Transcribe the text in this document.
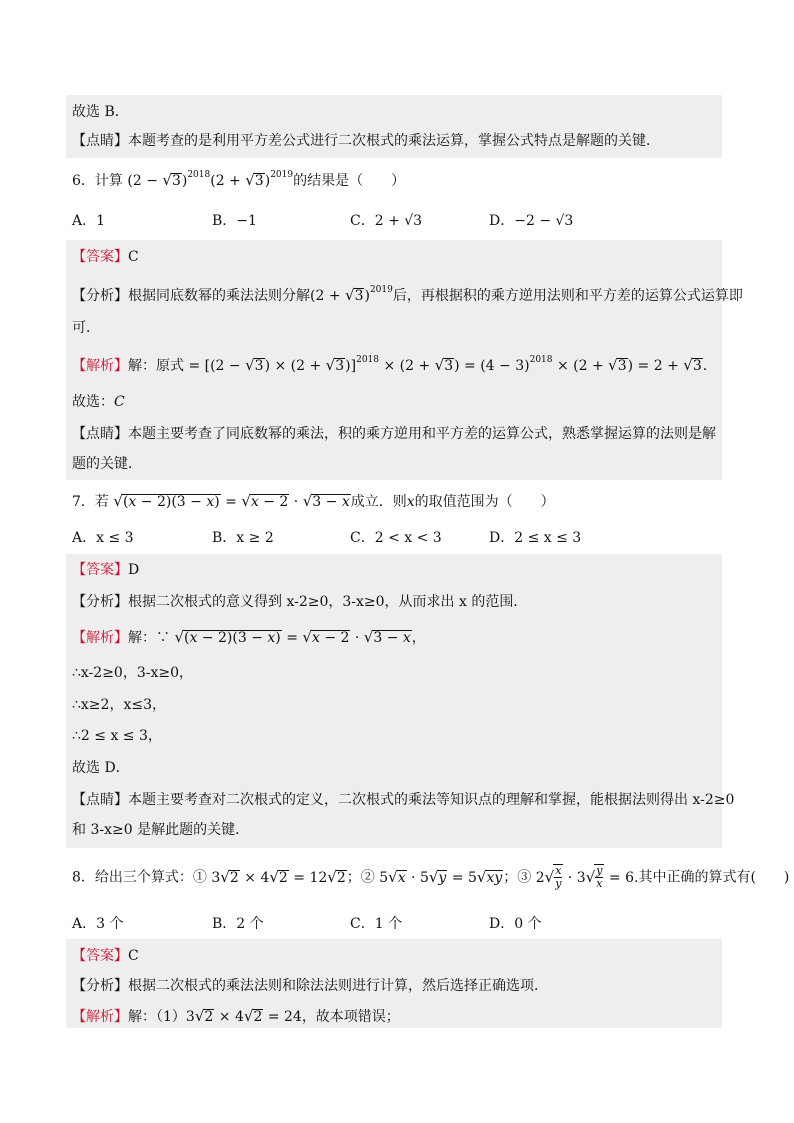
故选 B．
【点睛】本题考查的是利用平方差公式进行二次根式的乘法运算，掌握公式特点是解题的关键．
6．计算 $(2 - √3)^{2018}(2 + √3)^{2019}$的结果是（　　）
A．1	B．−1	C．2 + √3	D．−2 − √3
【答案】C
【分析】根据同底数幂的乘法法则分解$(2 + √3)^{2019}$后，再根据积的乘方逆用法则和平方差的运算公式运算即
可．
【解析】解：原式 = $[(2 - √3) \times (2 + √3)]^{2018} \times (2 + √3) = (4 - 3)^{2018} \times (2 + √3) = 2 + √3$．
故选：C
【点睛】本题主要考查了同底数幂的乘法，积的乘方逆用和平方差的运算公式，熟悉掌握运算的法则是解
题的关键．
7．若 √(x − 2)(3 − x) = √x − 2 · √3 − x成立．则x的取值范围为（　　）
A．x ≤ 3	B．x ≥ 2	C．2 < x < 3	D．2 ≤ x ≤ 3
【答案】D
【分析】根据二次根式的意义得到 x-2≥0，3-x≥0，从而求出 x 的范围．
【解析】解：∵ √(x − 2)(3 − x) = √x − 2 · √3 − x，
∴x-2≥0，3-x≥0，
∴x≥2，x≤3，
∴2 ≤ x ≤ 3，
故选 D．
【点睛】本题主要考查对二次根式的定义，二次根式的乘法等知识点的理解和掌握，能根据法则得出 x-2≥0
和 3-x≥0 是解此题的关键．
8．给出三个算式：① 3√2 × 4√2 = 12√2；② 5√x · 5√y = 5√xy；③ $2√ \frac{x}{y} \cdot 3√ \frac{y}{x} = 6$.其中正确的算式有(　　)
A．3 个	B．2 个	C．1 个	D．0 个
【答案】C
【分析】根据二次根式的乘法法则和除法法则进行计算，然后选择正确选项．
【解析】解：（1）3√2 × 4√2 = 24，故本项错误；
